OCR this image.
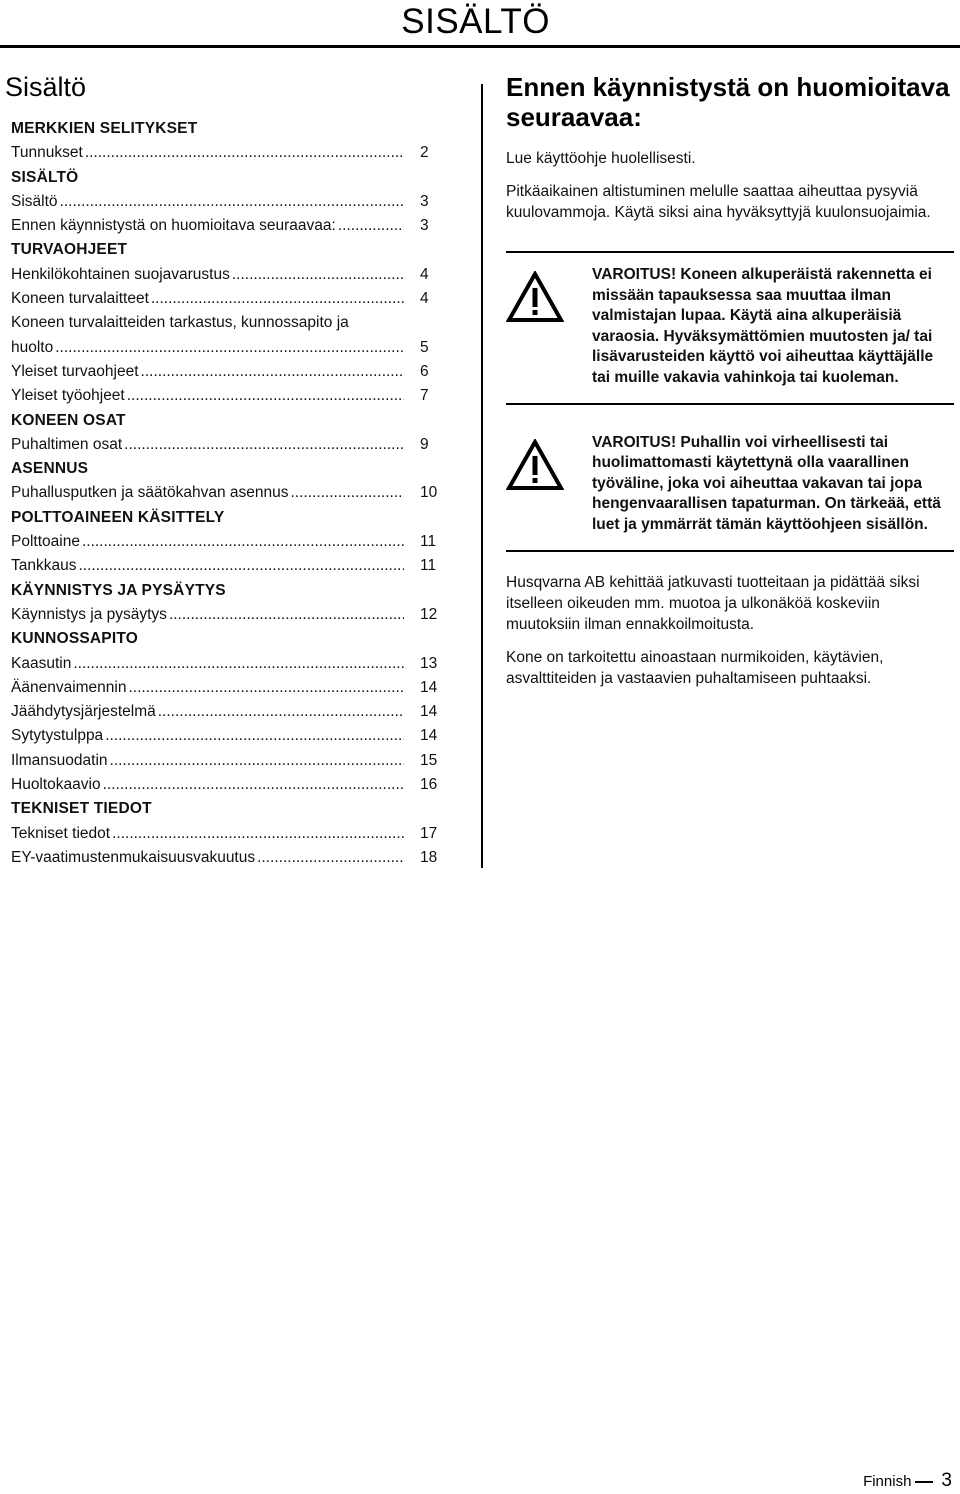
SISÄLTÖ
Sisältö
MERKKIEN SELITYKSET
Tunnukset .....	2
SISÄLTÖ
Sisältö .....	3
Ennen käynnistystä on huomioitava seuraavaa: .....	3
TURVAOHJEET
Henkilökohtainen suojavarustus .....	4
Koneen turvalaitteet .....	4
Koneen turvalaitteiden tarkastus, kunnossapito ja
huolto .....	5
Yleiset turvaohjeet .....	6
Yleiset työohjeet .....	7
KONEEN OSAT
Puhaltimen osat .....	9
ASENNUS
Puhallusputken ja säätökahvan asennus .....	10
POLTTOAINEEN KÄSITTELY
Polttoaine .....	11
Tankkaus .....	11
KÄYNNISTYS JA PYSÄYTYS
Käynnistys ja pysäytys .....	12
KUNNOSSAPITO
Kaasutin .....	13
Äänenvaimennin .....	14
Jäähdytysjärjestelmä .....	14
Sytytystulppa .....	14
Ilmansuodatin .....	15
Huoltokaavio .....	16
TEKNISET TIEDOT
Tekniset tiedot .....	17
EY-vaatimustenmukaisuusvakuutus .....	18
Ennen käynnistystä on huomioitava seuraavaa:

Lue käyttöohje huolellisesti.

Pitkäaikainen altistuminen melulle saattaa aiheuttaa pysyviä kuulovammoja. Käytä siksi aina hyväksyttyjä kuulonsuojaimia.

VAROITUS! Koneen alkuperäistä rakennetta ei missään tapauksessa saa muuttaa ilman valmistajan lupaa. Käytä aina alkuperäisiä varaosia. Hyväksymättömien muutosten ja/ tai lisävarusteiden käyttö voi aiheuttaa käyttäjälle tai muille vakavia vahinkoja tai kuoleman.
VAROITUS! Puhallin voi virheellisesti tai huolimattomasti käytettynä olla vaarallinen työväline, joka voi aiheuttaa vakavan tai jopa hengenvaarallisen tapaturman. On tärkeää, että luet ja ymmärrät tämän käyttöohjeen sisällön.

Husqvarna AB kehittää jatkuvasti tuotteitaan ja pidättää siksi itselleen oikeuden mm. muotoa ja ulkonäköä koskeviin muutoksiin ilman ennakkoilmoitusta.

Kone on tarkoitettu ainoastaan nurmikoiden, käytävien, asvalttiteiden ja vastaavien puhaltamiseen puhtaaksi.

Finnish 3
